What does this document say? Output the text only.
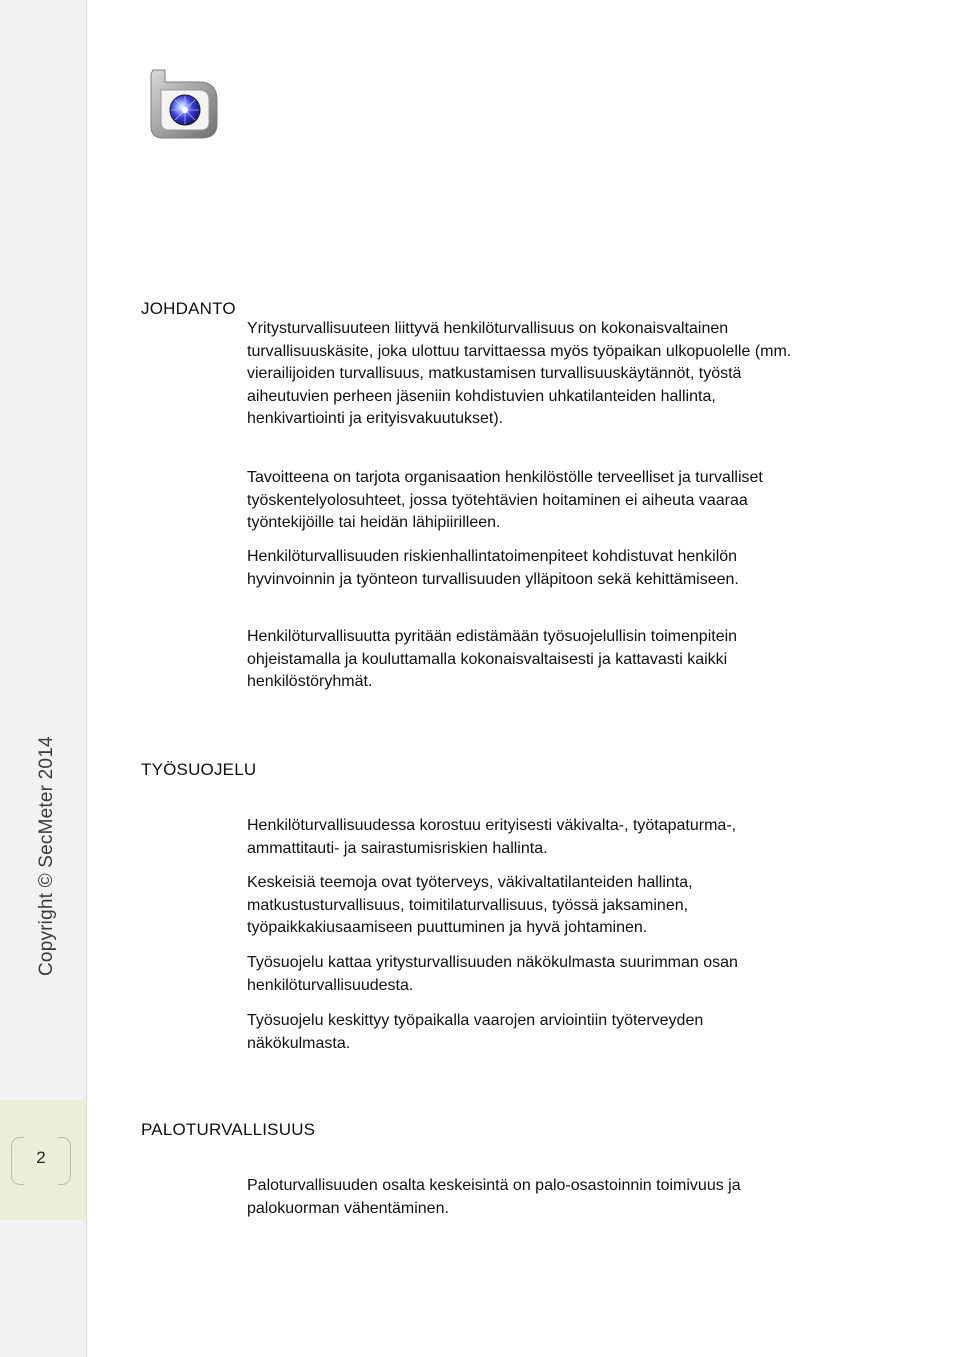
Copyright © SecMeter 2014
2
JOHDANTO

Yritysturvallisuuteen liittyvä henkilöturvallisuus on kokonaisvaltainen turvallisuuskäsite, joka ulottuu tarvittaessa myös työpaikan ulkopuolelle (mm. vierailijoiden turvallisuus, matkustamisen turvallisuuskäytännöt, työstä aiheutuvien perheen jäseniin kohdistuvien uhkatilanteiden hallinta, henkivartiointi ja erityisvakuutukset).

Tavoitteena on tarjota organisaation henkilöstölle terveelliset ja turvalliset työskentelyolosuhteet, jossa työtehtävien hoitaminen ei aiheuta vaaraa työntekijöille tai heidän lähipiirilleen.

Henkilöturvallisuuden riskienhallintatoimenpiteet kohdistuvat henkilön hyvinvoinnin ja työnteon turvallisuuden ylläpitoon sekä kehittämiseen.

Henkilöturvallisuutta pyritään edistämään työsuojelullisin toimenpitein ohjeistamalla ja kouluttamalla kokonaisvaltaisesti ja kattavasti kaikki henkilöstöryhmät.

TYÖSUOJELU

Henkilöturvallisuudessa korostuu erityisesti väkivalta-, työtapaturma-, ammattitauti- ja sairastumisriskien hallinta.

Keskeisiä teemoja ovat työterveys, väkivaltatilanteiden hallinta, matkustusturvallisuus, toimitilaturvallisuus, työssä jaksaminen, työpaikkakiusaamiseen puuttuminen ja hyvä johtaminen.

Työsuojelu kattaa yritysturvallisuuden näkökulmasta suurimman osan henkilöturvallisuudesta.

Työsuojelu keskittyy työpaikalla vaarojen arviointiin työterveyden näkökulmasta.

PALOTURVALLISUUS

Paloturvallisuuden osalta keskeisintä on palo-osastoinnin toimivuus ja palokuorman vähentäminen.
